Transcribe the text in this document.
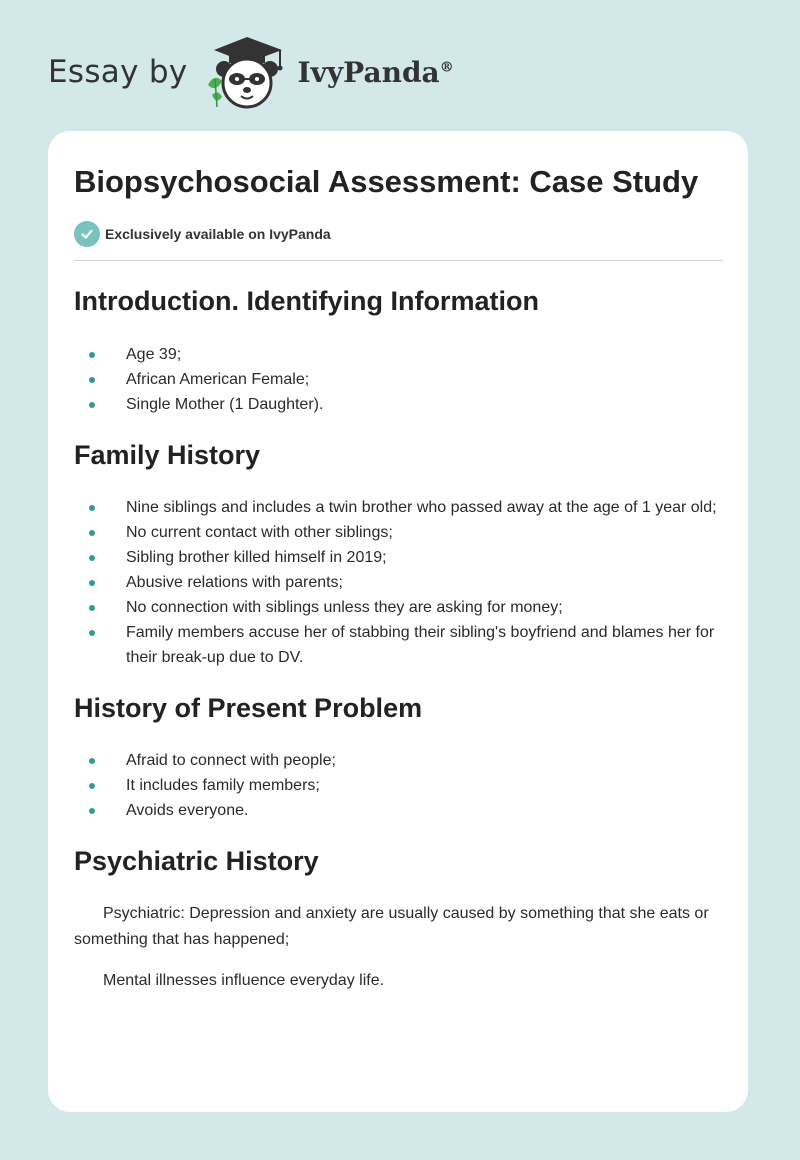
Essay by	IvyPanda®
Biopsychosocial Assessment: Case Study
Exclusively available on IvyPanda
Introduction. Identifying Information
Age 39;
African American Female;
Single Mother (1 Daughter).
Family History
Nine siblings and includes a twin brother who passed away at the age of 1 year old;
No current contact with other siblings;
Sibling brother killed himself in 2019;
Abusive relations with parents;
No connection with siblings unless they are asking for money;
Family members accuse her of stabbing their sibling's boyfriend and blames her for their break-up due to DV.
History of Present Problem
Afraid to connect with people;
It includes family members;
Avoids everyone.
Psychiatric History

Psychiatric: Depression and anxiety are usually caused by something that she eats or something that has happened;

Mental illnesses influence everyday life.
